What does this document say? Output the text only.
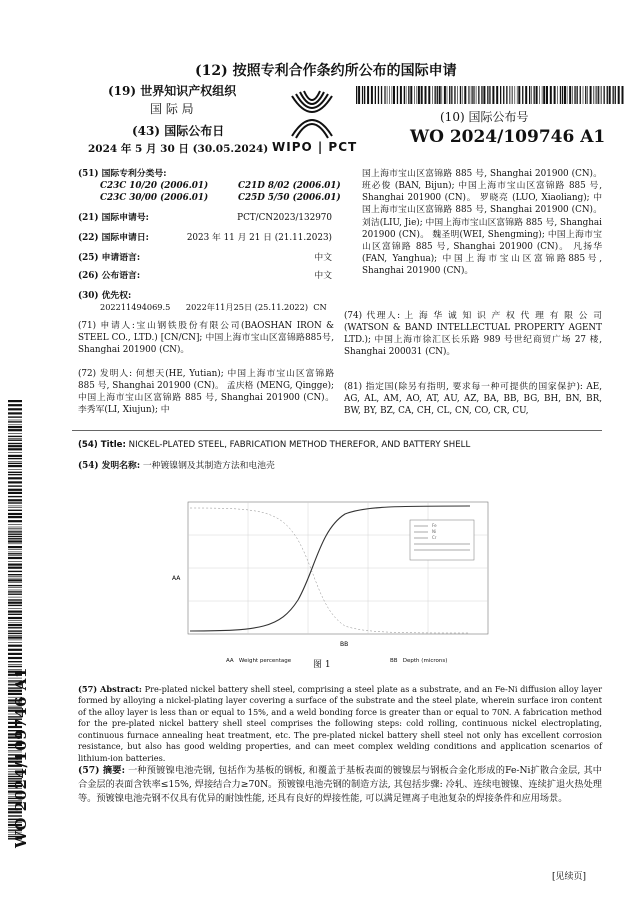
(12) 按照专利合作条约所公布的国际申请
(19) 世界知识产权组织
国 际 局
(43) 国际公布日
2024 年 5 月 30 日 (30.05.2024) WIPO | PCT
(10) 国际公布号
WO 2024/109746 A1
(51) 国际专利分类号:
C23C 10/20 (2006.01)	C21D 8/02 (2006.01)
C23C 30/00 (2006.01)	C25D 5/50 (2006.01)
(21) 国际申请号:	PCT/CN2023/132970
(22) 国际申请日:	2023 年 11 月 21 日 (21.11.2023)
(25) 申请语言:	中文
(26) 公布语言:	中文
(30) 优先权:
202211494069.5      2022年11月25日 (25.11.2022)  CN

(71) 申请人:宝山钢铁股份有限公司(BAOSHAN IRON & STEEL CO., LTD.) [CN/CN]; 中国上海市宝山区富锦路885号, Shanghai 201900 (CN)。

(72) 发明人: 何想天(HE, Yutian); 中国上海市宝山区富锦路 885 号, Shanghai 201900 (CN)。 孟庆格 (MENG, Qingge); 中国上海市宝山区富锦路 885 号, Shanghai 201900 (CN)。 李秀军(LI, Xiujun); 中

国上海市宝山区富锦路 885 号, Shanghai 201900 (CN)。 班必俊 (BAN, Bijun); 中国上海市宝山区富锦路 885 号, Shanghai 201900 (CN)。 罗晓亮 (LUO, Xiaoliang); 中国上海市宝山区富锦路 885 号, Shanghai 201900 (CN)。 刘洁(LIU, Jie); 中国上海市宝山区富锦路 885 号, Shanghai 201900 (CN)。 魏圣明(WEI, Shengming); 中国上海市宝山区富锦路 885 号, Shanghai 201900 (CN)。 凡扬华 (FAN, Yanghua); 中国上海市宝山区富锦路885号, Shanghai 201900 (CN)。

(74) 代理人: 上 海 华 诚 知 识 产 权 代 理 有 限 公 司 (WATSON & BAND INTELLECTUAL PROPERTY AGENT LTD.); 中国上海市徐汇区长乐路 989 号世纪商贸广场 27 楼, Shanghai 200031 (CN)。

(81) 指定国(除另有指明, 要求每一种可提供的国家保护): AE, AG, AL, AM, AO, AT, AU, AZ, BA, BB, BG, BH, BN, BR, BW, BY, BZ, CA, CH, CL, CN, CO, CR, CU,

WO 2024/109746 A1
(54) Title: NICKEL-PLATED STEEL, FABRICATION METHOD THEREFOR, AND BATTERY SHELL
(54) 发明名称: 一种镀镍钢及其制造方法和电池壳
Fe
Ni
Cr
AA
BB
图 1
AA   Weight percentage	BB   Depth (microns)

(57) Abstract: Pre-plated nickel battery shell steel, comprising a steel plate as a substrate, and an Fe-Ni diffusion alloy layer formed by alloying a nickel-plating layer covering a surface of the substrate and the steel plate, wherein surface iron content of the alloy layer is less than or equal to 15%, and a weld bonding force is greater than or equal to 70N. A fabrication method for the pre-plated nickel battery shell steel comprises the following steps: cold rolling, continuous nickel electroplating, continuous furnace annealing heat treatment, etc. The pre-plated nickel battery shell steel not only has excellent corrosion resistance, but also has good welding properties, and can meet complex welding conditions and application scenarios of lithium-ion batteries.

(57) 摘要: 一种预镀镍电池壳钢, 包括作为基板的钢板, 和覆盖于基板表面的镀镍层与钢板合金化形成的Fe-Ni扩散合金层, 其中合金层的表面含铁率≤15%, 焊接结合力≥70N。预镀镍电池壳钢的制造方法, 其包括步骤: 冷轧、连续电镀镍、连续扩退火热处理等。预镀镍电池壳钢不仅具有优异的耐蚀性能, 还具有良好的焊接性能, 可以满足锂离子电池复杂的焊接条件和应用场景。

[见续页]
